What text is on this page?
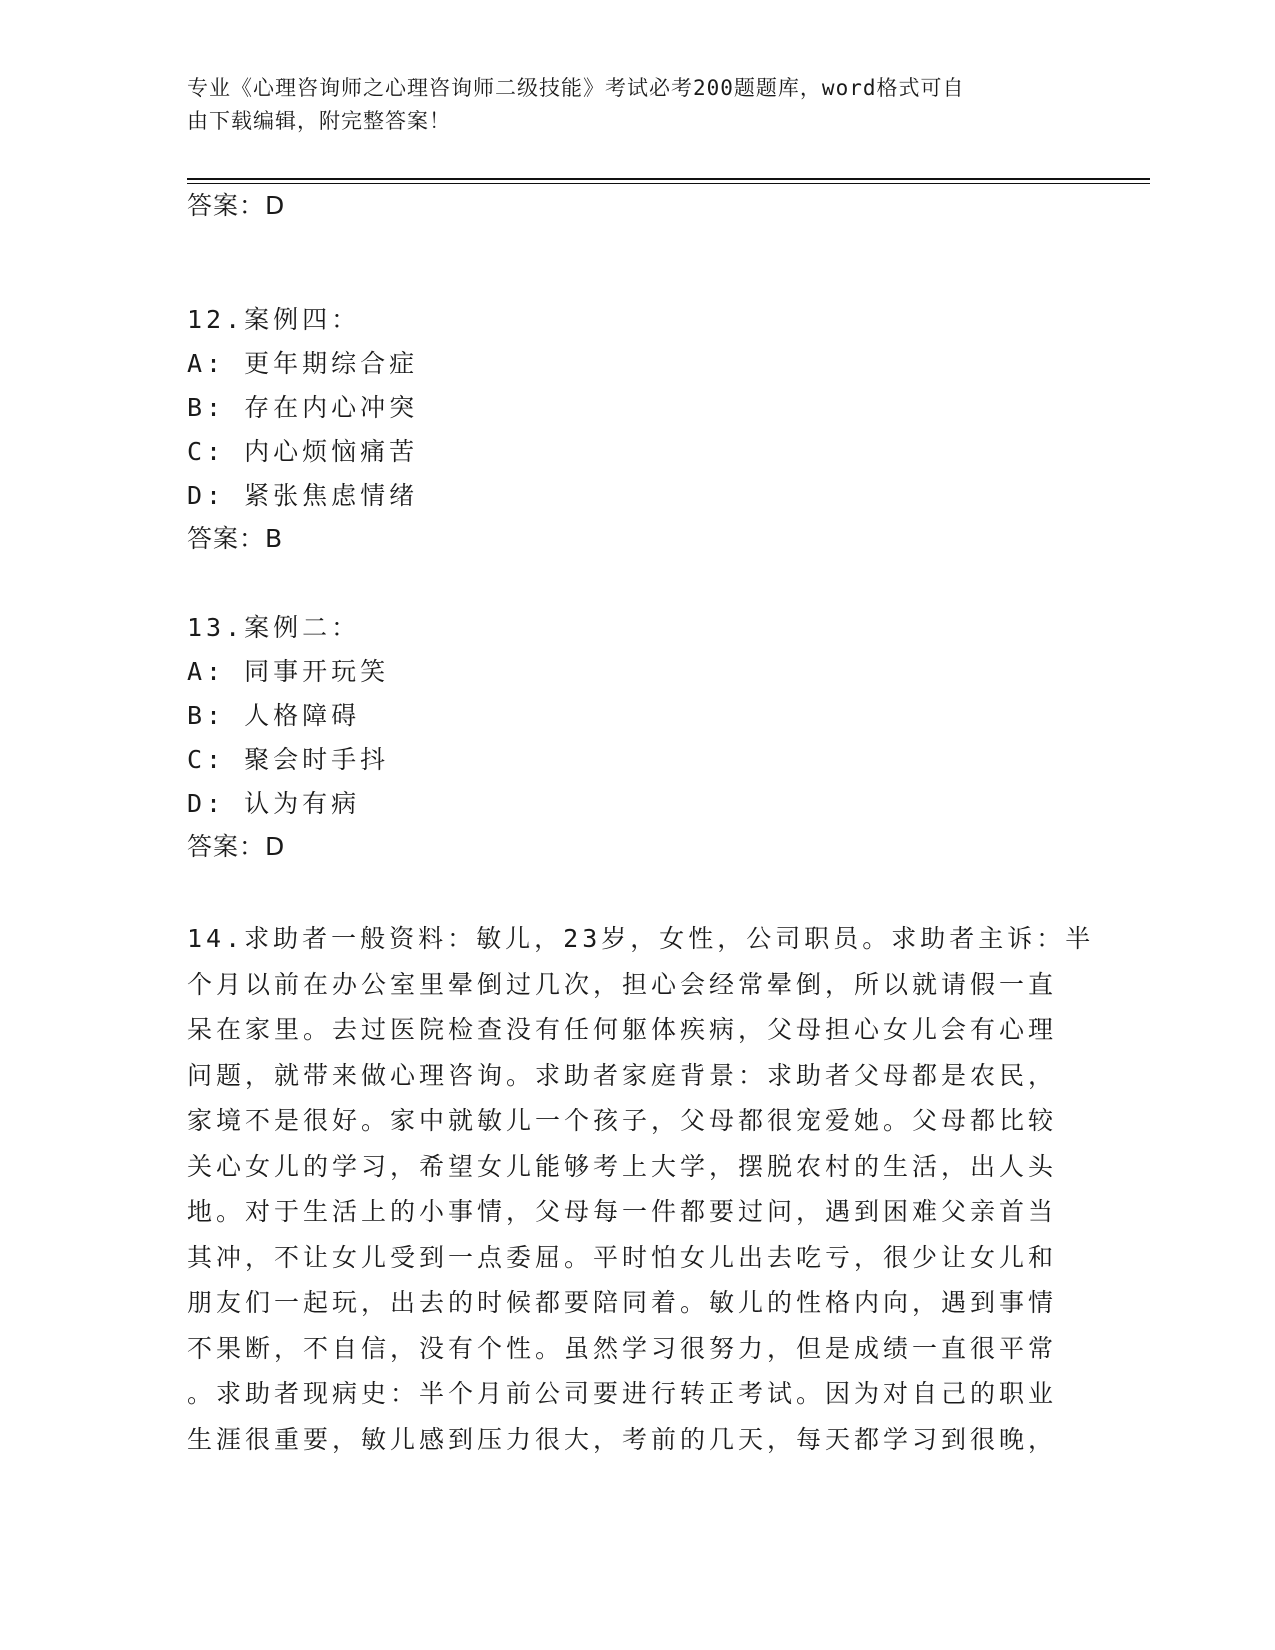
专业《心理咨询师之心理咨询师二级技能》考试必考200题题库，word格式可自
由下载编辑，附完整答案！
答案：D
12.案例四：
A: 更年期综合症
B: 存在内心冲突
C: 内心烦恼痛苦
D: 紧张焦虑情绪
答案：B
13.案例二：
A: 同事开玩笑
B: 人格障碍
C: 聚会时手抖
D: 认为有病
答案：D
14.求助者一般资料：敏儿，23岁，女性，公司职员。求助者主诉：半
个月以前在办公室里晕倒过几次，担心会经常晕倒，所以就请假一直
呆在家里。去过医院检查没有任何躯体疾病，父母担心女儿会有心理
问题，就带来做心理咨询。求助者家庭背景：求助者父母都是农民，
家境不是很好。家中就敏儿一个孩子，父母都很宠爱她。父母都比较
关心女儿的学习，希望女儿能够考上大学，摆脱农村的生活，出人头
地。对于生活上的小事情，父母每一件都要过问，遇到困难父亲首当
其冲，不让女儿受到一点委屈。平时怕女儿出去吃亏，很少让女儿和
朋友们一起玩，出去的时候都要陪同着。敏儿的性格内向，遇到事情
不果断，不自信，没有个性。虽然学习很努力，但是成绩一直很平常
。求助者现病史：半个月前公司要进行转正考试。因为对自己的职业
生涯很重要，敏儿感到压力很大，考前的几天，每天都学习到很晚，
